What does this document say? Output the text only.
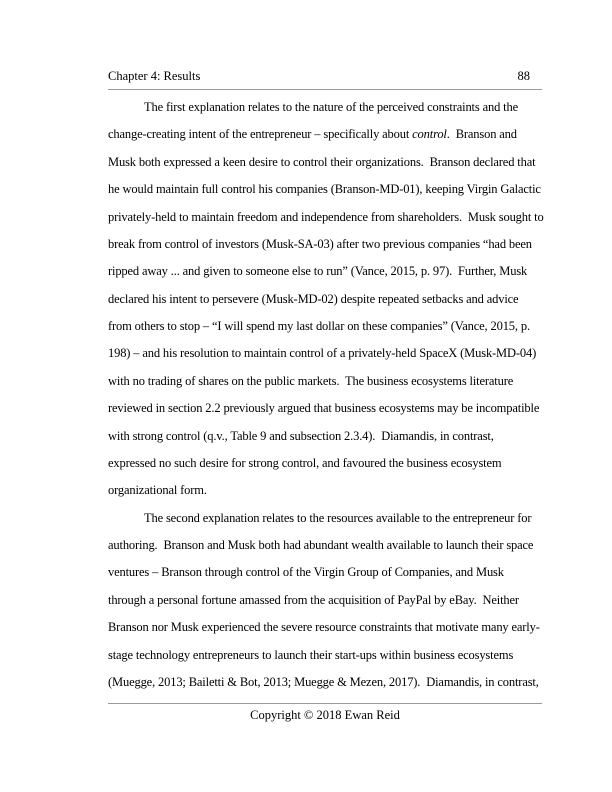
Chapter 4: Results	88
The first explanation relates to the nature of the perceived constraints and the
change-creating intent of the entrepreneur – specifically about control.  Branson and
Musk both expressed a keen desire to control their organizations.  Branson declared that
he would maintain full control his companies (Branson-MD-01), keeping Virgin Galactic
privately-held to maintain freedom and independence from shareholders.  Musk sought to
break from control of investors (Musk-SA-03) after two previous companies “had been
ripped away ... and given to someone else to run” (Vance, 2015, p. 97).  Further, Musk
declared his intent to persevere (Musk-MD-02) despite repeated setbacks and advice
from others to stop – “I will spend my last dollar on these companies” (Vance, 2015, p.
198) – and his resolution to maintain control of a privately-held SpaceX (Musk-MD-04)
with no trading of shares on the public markets.  The business ecosystems literature
reviewed in section 2.2 previously argued that business ecosystems may be incompatible
with strong control (q.v., Table 9 and subsection 2.3.4).  Diamandis, in contrast,
expressed no such desire for strong control, and favoured the business ecosystem
organizational form.
The second explanation relates to the resources available to the entrepreneur for
authoring.  Branson and Musk both had abundant wealth available to launch their space
ventures – Branson through control of the Virgin Group of Companies, and Musk
through a personal fortune amassed from the acquisition of PayPal by eBay.  Neither
Branson nor Musk experienced the severe resource constraints that motivate many early-
stage technology entrepreneurs to launch their start-ups within business ecosystems
(Muegge, 2013; Bailetti & Bot, 2013; Muegge & Mezen, 2017).  Diamandis, in contrast,
Copyright © 2018 Ewan Reid
